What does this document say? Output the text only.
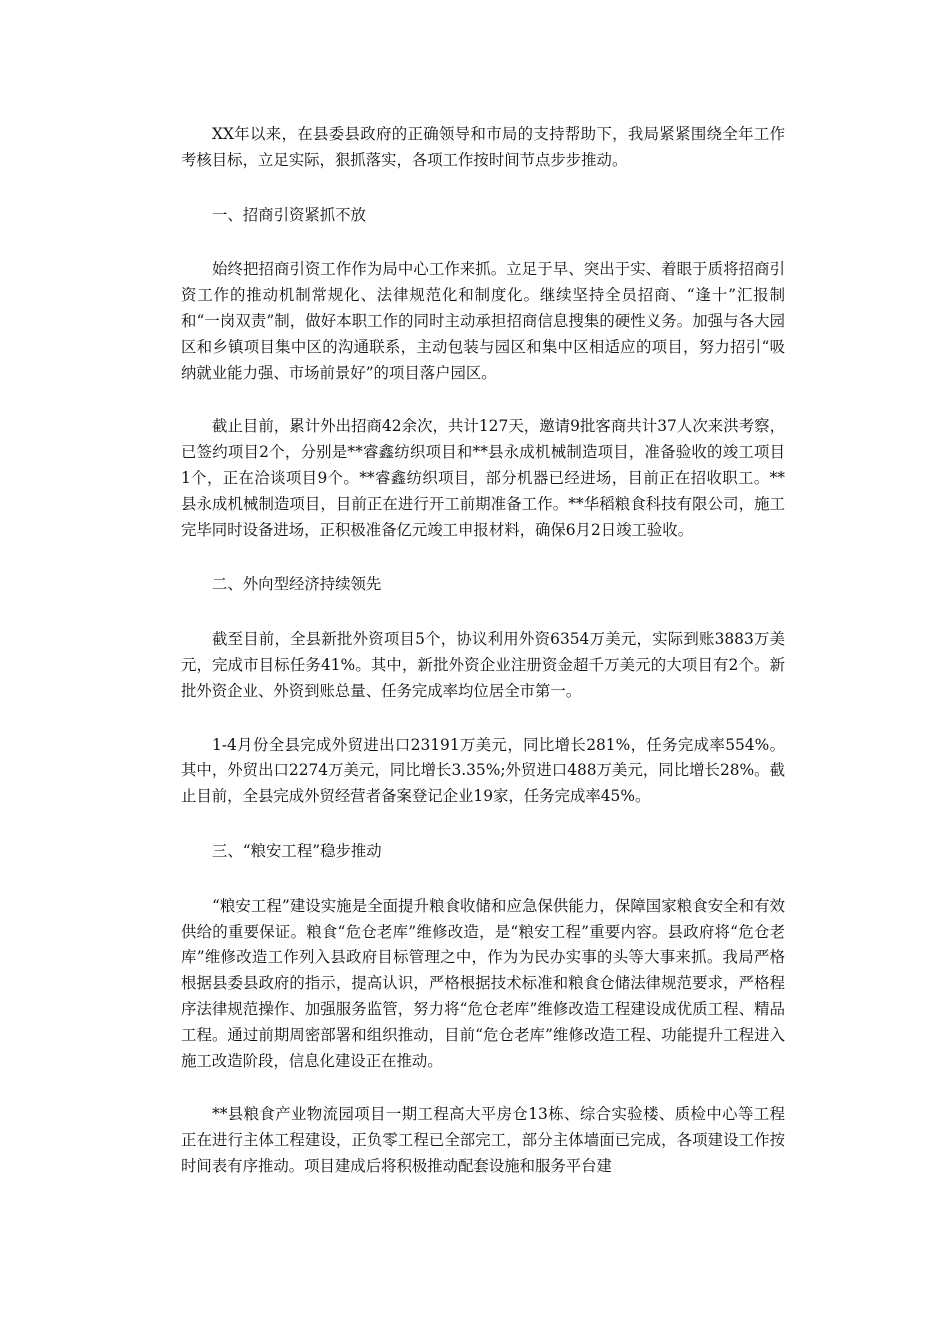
XX年以来，在县委县政府的正确领导和市局的支持帮助下，我局紧紧围绕全年工作考核目标，立足实际，狠抓落实，各项工作按时间节点步步推动。

一、招商引资紧抓不放

始终把招商引资工作作为局中心工作来抓。立足于早、突出于实、着眼于质将招商引资工作的推动机制常规化、法律规范化和制度化。继续坚持全员招商、“逢十”汇报制和“一岗双责”制，做好本职工作的同时主动承担招商信息搜集的硬性义务。加强与各大园区和乡镇项目集中区的沟通联系，主动包装与园区和集中区相适应的项目，努力招引“吸纳就业能力强、市场前景好”的项目落户园区。

截止目前，累计外出招商42余次，共计127天，邀请9批客商共计37人次来洪考察，已签约项目2个，分别是**睿鑫纺织项目和**县永成机械制造项目，准备验收的竣工项目1个，正在洽谈项目9个。**睿鑫纺织项目，部分机器已经进场，目前正在招收职工。**县永成机械制造项目，目前正在进行开工前期准备工作。**华稻粮食科技有限公司，施工完毕同时设备进场，正积极准备亿元竣工申报材料，确保6月2日竣工验收。

二、外向型经济持续领先

截至目前，全县新批外资项目5个，协议利用外资6354万美元，实际到账3883万美元，完成市目标任务41%。其中，新批外资企业注册资金超千万美元的大项目有2个。新批外资企业、外资到账总量、任务完成率均位居全市第一。

1-4月份全县完成外贸进出口23191万美元，同比增长281%，任务完成率554%。其中，外贸出口2274万美元，同比增长3.35%;外贸进口488万美元，同比增长28%。截止目前，全县完成外贸经营者备案登记企业19家，任务完成率45%。

三、“粮安工程”稳步推动

“粮安工程”建设实施是全面提升粮食收储和应急保供能力，保障国家粮食安全和有效供给的重要保证。粮食“危仓老库”维修改造，是“粮安工程”重要内容。县政府将“危仓老库”维修改造工作列入县政府目标管理之中，作为为民办实事的头等大事来抓。我局严格根据县委县政府的指示，提高认识，严格根据技术标准和粮食仓储法律规范要求，严格程序法律规范操作、加强服务监管，努力将“危仓老库”维修改造工程建设成优质工程、精品工程。通过前期周密部署和组织推动，目前“危仓老库”维修改造工程、功能提升工程进入施工改造阶段，信息化建设正在推动。

**县粮食产业物流园项目一期工程高大平房仓13栋、综合实验楼、质检中心等工程正在进行主体工程建设，正负零工程已全部完工，部分主体墙面已完成，各项建设工作按时间表有序推动。项目建成后将积极推动配套设施和服务平台建
